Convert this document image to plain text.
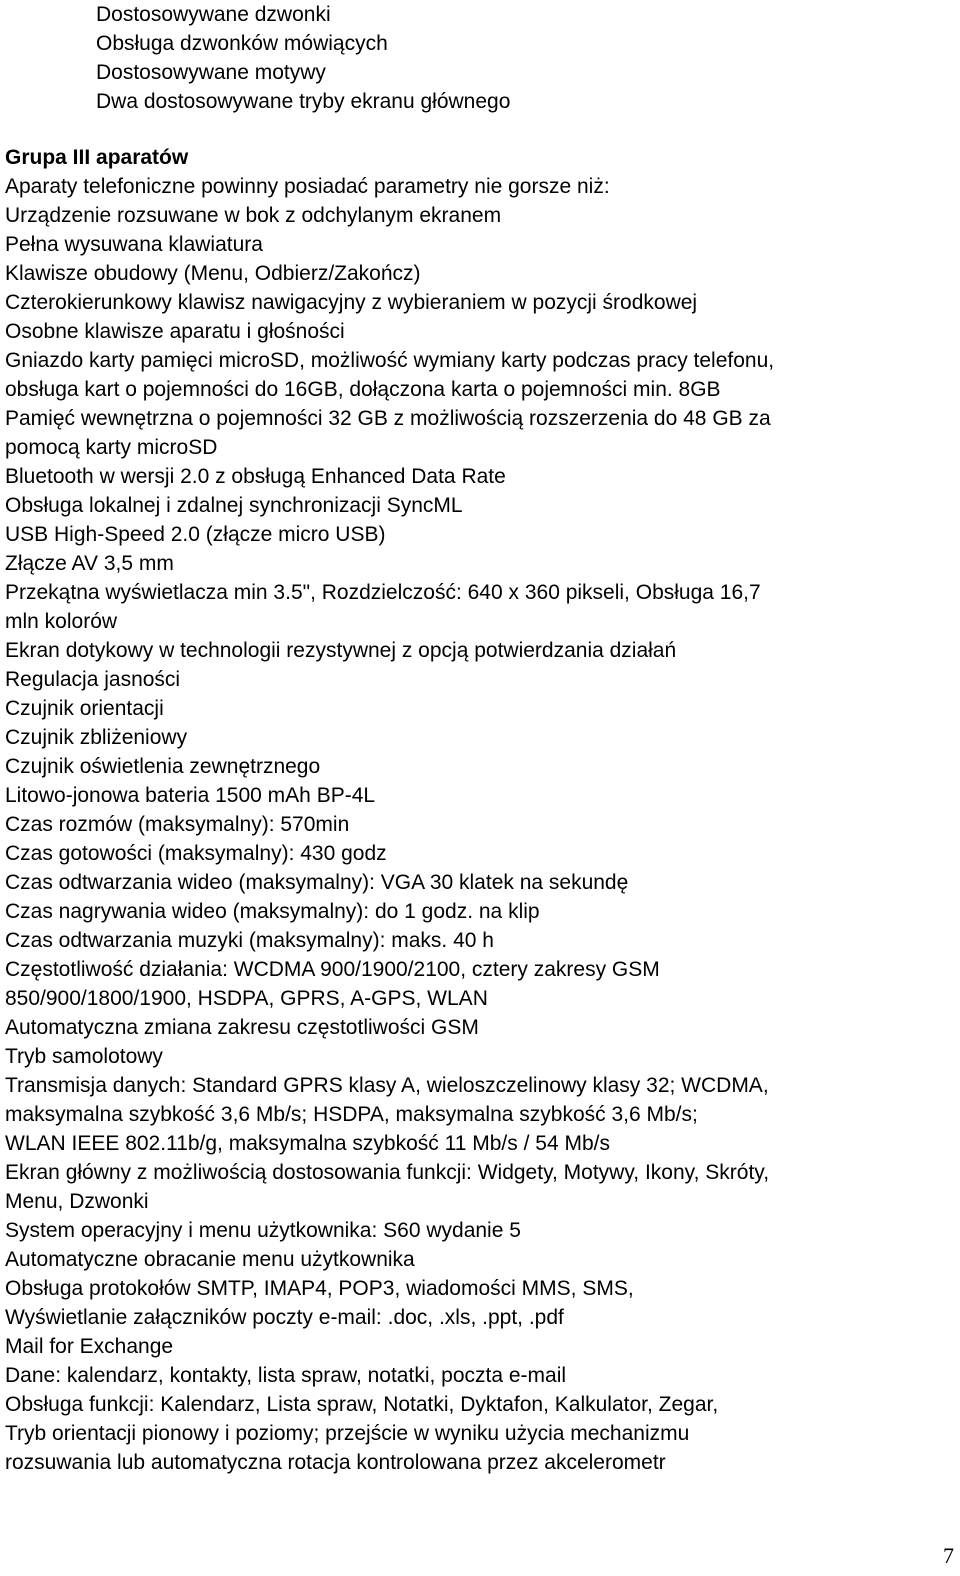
Dostosowywane dzwonki
Obsługa dzwonków mówiących
Dostosowywane motywy
Dwa dostosowywane tryby ekranu głównego
Grupa III aparatów
Aparaty telefoniczne powinny posiadać parametry nie gorsze niż:
Urządzenie rozsuwane w bok z odchylanym ekranem
Pełna wysuwana klawiatura
Klawisze obudowy (Menu, Odbierz/Zakończ)
Czterokierunkowy klawisz nawigacyjny z wybieraniem w pozycji środkowej
Osobne klawisze aparatu i głośności
Gniazdo karty pamięci microSD, możliwość wymiany karty podczas pracy telefonu,
obsługa kart o pojemności do 16GB, dołączona karta o pojemności min. 8GB
Pamięć wewnętrzna o pojemności 32 GB z możliwością rozszerzenia do 48 GB za
pomocą karty microSD
Bluetooth w wersji 2.0 z obsługą Enhanced Data Rate
Obsługa lokalnej i zdalnej synchronizacji SyncML
USB High-Speed 2.0 (złącze micro USB)
Złącze AV 3,5 mm
Przekątna wyświetlacza min 3.5", Rozdzielczość: 640 x 360 pikseli, Obsługa 16,7
mln kolorów
Ekran dotykowy w technologii rezystywnej z opcją potwierdzania działań
Regulacja jasności
Czujnik orientacji
Czujnik zbliżeniowy
Czujnik oświetlenia zewnętrznego
Litowo-jonowa bateria 1500 mAh BP-4L
Czas rozmów (maksymalny): 570min
Czas gotowości (maksymalny): 430 godz
Czas odtwarzania wideo (maksymalny): VGA 30 klatek na sekundę
Czas nagrywania wideo (maksymalny): do 1 godz. na klip
Czas odtwarzania muzyki (maksymalny): maks. 40 h
Częstotliwość działania: WCDMA 900/1900/2100, cztery zakresy GSM
850/900/1800/1900, HSDPA, GPRS, A-GPS, WLAN
Automatyczna zmiana zakresu częstotliwości GSM
Tryb samolotowy
Transmisja danych: Standard GPRS klasy A, wieloszczelinowy klasy 32; WCDMA,
maksymalna szybkość 3,6 Mb/s; HSDPA, maksymalna szybkość 3,6 Mb/s;
WLAN IEEE 802.11b/g, maksymalna szybkość 11 Mb/s / 54 Mb/s
Ekran główny z możliwością dostosowania funkcji: Widgety, Motywy, Ikony, Skróty,
Menu, Dzwonki
System operacyjny i menu użytkownika: S60 wydanie 5
Automatyczne obracanie menu użytkownika
Obsługa protokołów SMTP, IMAP4, POP3, wiadomości MMS, SMS,
Wyświetlanie załączników poczty e-mail: .doc, .xls, .ppt, .pdf
Mail for Exchange
Dane: kalendarz, kontakty, lista spraw, notatki, poczta e-mail
Obsługa funkcji: Kalendarz, Lista spraw, Notatki, Dyktafon, Kalkulator, Zegar,
Tryb orientacji pionowy i poziomy; przejście w wyniku użycia mechanizmu
rozsuwania lub automatyczna rotacja kontrolowana przez akcelerometr
7
